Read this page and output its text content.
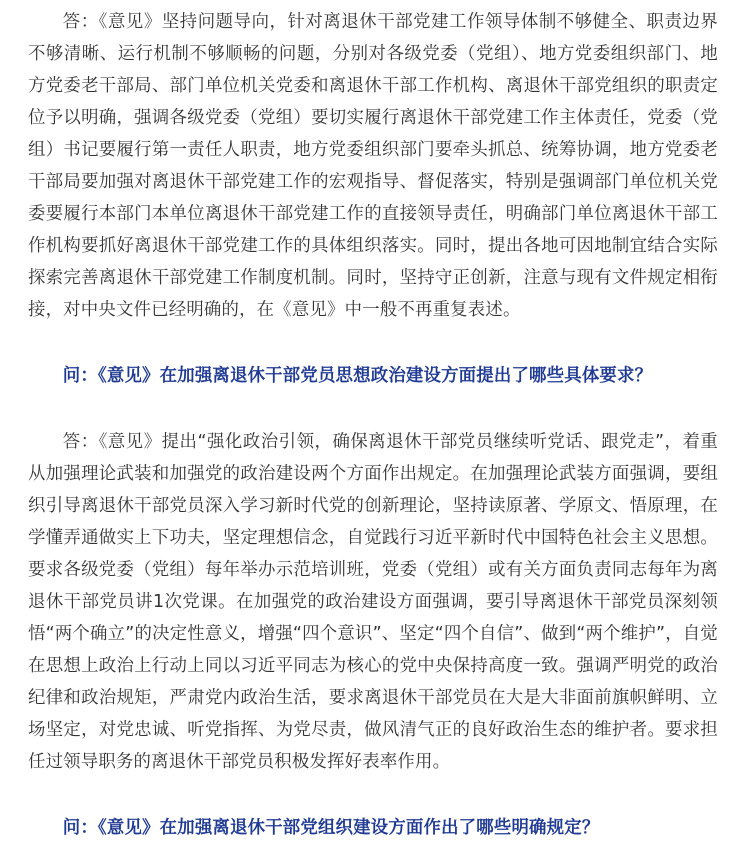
答：《意见》坚持问题导向，针对离退休干部党建工作领导体制不够健全、职责边界不够清晰、运行机制不够顺畅的问题，分别对各级党委（党组）、地方党委组织部门、地方党委老干部局、部门单位机关党委和离退休干部工作机构、离退休干部党组织的职责定位予以明确，强调各级党委（党组）要切实履行离退休干部党建工作主体责任，党委（党组）书记要履行第一责任人职责，地方党委组织部门要牵头抓总、统筹协调，地方党委老干部局要加强对离退休干部党建工作的宏观指导、督促落实，特别是强调部门单位机关党委要履行本部门本单位离退休干部党建工作的直接领导责任，明确部门单位离退休干部工作机构要抓好离退休干部党建工作的具体组织落实。同时，提出各地可因地制宜结合实际探索完善离退休干部党建工作制度机制。同时，坚持守正创新，注意与现有文件规定相衔接，对中央文件已经明确的，在《意见》中一般不再重复表述。

问：《意见》在加强离退休干部党员思想政治建设方面提出了哪些具体要求？

答：《意见》提出“强化政治引领，确保离退休干部党员继续听党话、跟党走”，着重从加强理论武装和加强党的政治建设两个方面作出规定。在加强理论武装方面强调，要组织引导离退休干部党员深入学习新时代党的创新理论，坚持读原著、学原文、悟原理，在学懂弄通做实上下功夫，坚定理想信念，自觉践行习近平新时代中国特色社会主义思想。要求各级党委（党组）每年举办示范培训班，党委（党组）或有关方面负责同志每年为离退休干部党员讲1次党课。在加强党的政治建设方面强调，要引导离退休干部党员深刻领悟“两个确立”的决定性意义，增强“四个意识”、坚定“四个自信”、做到“两个维护”，自觉在思想上政治上行动上同以习近平同志为核心的党中央保持高度一致。强调严明党的政治纪律和政治规矩，严肃党内政治生活，要求离退休干部党员在大是大非面前旗帜鲜明、立场坚定，对党忠诚、听党指挥、为党尽责，做风清气正的良好政治生态的维护者。要求担任过领导职务的离退休干部党员积极发挥好表率作用。

问：《意见》在加强离退休干部党组织建设方面作出了哪些明确规定？
